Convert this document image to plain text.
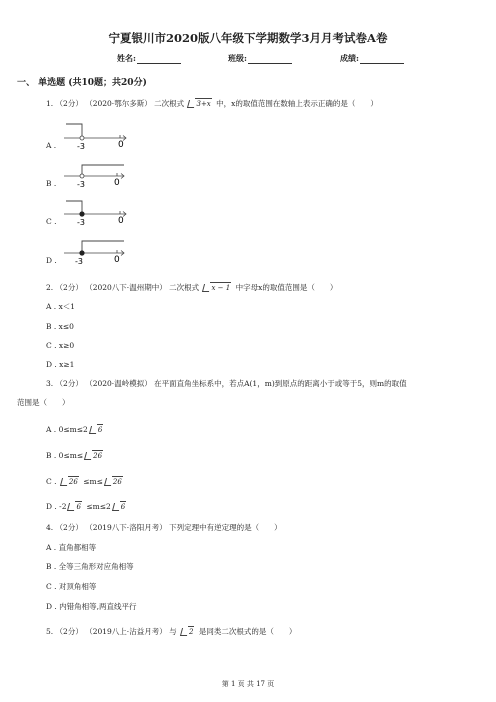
宁夏银川市2020版八年级下学期数学3月月考试卷A卷
姓名:	班级:	成绩:
一、 单选题 (共10题；共20分)
1. （2分） （2020·鄂尔多斯） 二次根式 3+x 中，x的取值范围在数轴上表示正确的是（　　）
A .	-3	0
B .	-3	0
C .	-3	0
D . -3	0
2. （2分） （2020八下·温州期中） 二次根式 x − 1 中字母x的取值范围是（　　）
A . x＜1
B . x≤0
C . x≥0
D . x≥1
3. （2分） （2020·温岭模拟） 在平面直角坐标系中，若点A(1，m)到原点的距离小于或等于5，则m的取值
范围是（　　）
A . 0≤m≤2 6
B . 0≤m≤ 26
C . 26 ≤m≤ 26
D . -2 6 ≤m≤2 6
4. （2分） （2019八下·洛阳月考） 下列定理中有逆定理的是（　　）
A . 直角都相等
B . 全等三角形对应角相等
C . 对顶角相等
D . 内错角相等,两直线平行
5. （2分） （2019八上·沾益月考） 与 2 是同类二次根式的是（　　）
第 1 页 共 17 页
